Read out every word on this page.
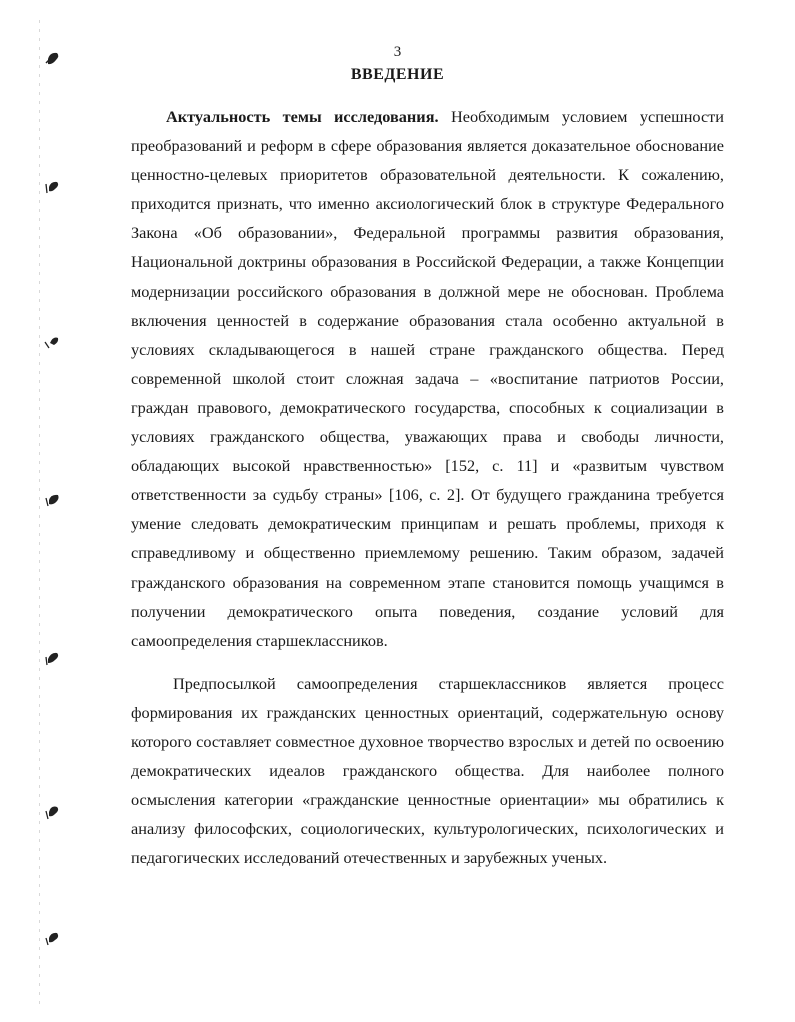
3
ВВЕДЕНИЕ

Актуальность темы исследования. Необходимым условием успешности преобразований и реформ в сфере образования является доказательное обоснование ценностно-целевых приоритетов образовательной деятельности. К сожалению, приходится признать, что именно аксиологический блок в структуре Федерального Закона «Об образовании», Федеральной программы развития образования, Национальной доктрины образования в Российской Федерации, а также Концепции модернизации российского образования в должной мере не обоснован. Проблема включения ценностей в содержание образования стала особенно актуальной в условиях складывающегося в нашей стране гражданского общества. Перед современной школой стоит сложная задача – «воспитание патриотов России, граждан правового, демократического государства, способных к социализации в условиях гражданского общества, уважающих права и свободы личности, обладающих высокой нравственностью» [152, с. 11] и «развитым чувством ответственности за судьбу страны» [106, с. 2]. От будущего гражданина требуется умение следовать демократическим принципам и решать проблемы, приходя к справедливому и общественно приемлемому решению. Таким образом, задачей гражданского образования на современном этапе становится помощь учащимся в получении демократического опыта поведения, создание условий для самоопределения старшеклассников.

Предпосылкой самоопределения старшеклассников является процесс формирования их гражданских ценностных ориентаций, содержательную основу которого составляет совместное духовное творчество взрослых и детей по освоению демократических идеалов гражданского общества. Для наиболее полного осмысления категории «гражданские ценностные ориентации» мы обратились к анализу философских, социологических, культурологических, психологических и педагогических исследований отечественных и зарубежных ученых.
